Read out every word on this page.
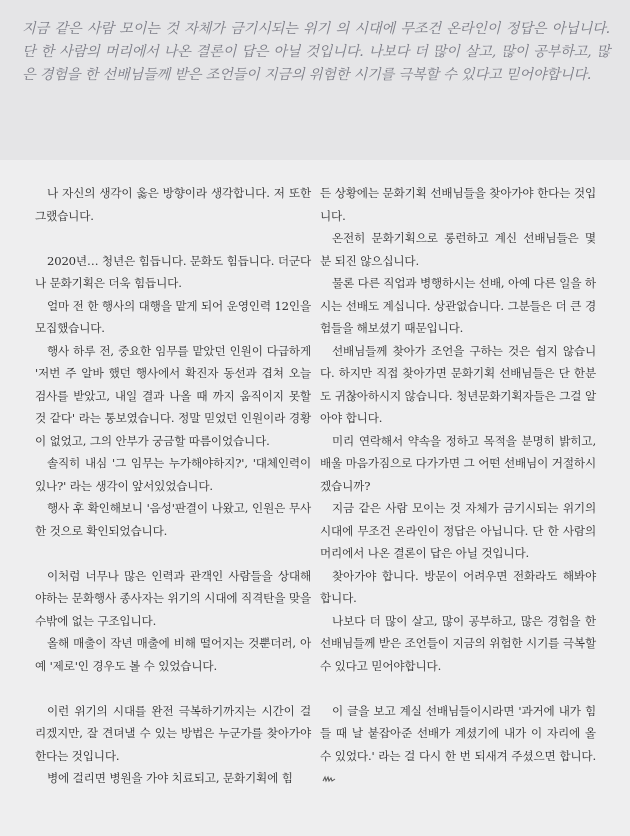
지금 같은 사람 모이는 것 자체가 금기시되는 위기 의 시대에 무조건 온라인이 정답은 아닙니다. 단 한 사람의 머리에서 나온 결론이 답은 아닐 것입니다. 나보다 더 많이 살고, 많이 공부하고, 많은 경험을 한 선배님들께 받은 조언들이 지금의 위험한 시기를 극복할 수 있다고 믿어야합니다.

나 자신의 생각이 옳은 방향이라 생각합니다. 저 또한 그랬습니다.

2020년… 청년은 힘듭니다. 문화도 힘듭니다. 더군다나 문화기획은 더욱 힘듭니다.

얼마 전 한 행사의 대행을 맡게 되어 운영인력 12인을 모집했습니다.

행사 하루 전, 중요한 임무를 맡았던 인원이 다급하게 '저번 주 알바 했던 행사에서 확진자 동선과 겹쳐 오늘 검사를 받았고, 내일 결과 나올 때 까지 움직이지 못할 것 같다' 라는 통보였습니다. 정말 믿었던 인원이라 경황이 없었고, 그의 안부가 궁금할 따름이었습니다.

솔직히 내심 '그 임무는 누가해야하지?', '대체인력이 있나?' 라는 생각이 앞서있었습니다.

행사 후 확인해보니 '음성'판결이 나왔고, 인원은 무사한 것으로 확인되었습니다.

이처럼 너무나 많은 인력과 관객인 사람들을 상대해야하는 문화행사 종사자는 위기의 시대에 직격탄을 맞을 수밖에 없는 구조입니다.

올해 매출이 작년 매출에 비해 떨어지는 것뿐더러, 아예 '제로'인 경우도 볼 수 있었습니다.

이런 위기의 시대를 완전 극복하기까지는 시간이 걸리겠지만, 잘 견뎌낼 수 있는 방법은 누군가를 찾아가야 한다는 것입니다.

병에 걸리면 병원을 가야 치료되고, 문화기획에 힘

든 상황에는 문화기획 선배님들을 찾아가야 한다는 것입니다.

온전히 문화기획으로 롱런하고 계신 선배님들은 몇 분 되진 않으십니다.

물론 다른 직업과 병행하시는 선배, 아예 다른 일을 하시는 선배도 계십니다. 상관없습니다. 그분들은 더 큰 경험들을 해보셨기 때문입니다.

선배님들께 찾아가 조언을 구하는 것은 쉽지 않습니다. 하지만 직접 찾아가면 문화기획 선배님들은 단 한분도 귀찮아하시지 않습니다. 청년문화기획자들은 그걸 알아야 합니다.

미리 연락해서 약속을 정하고 목적을 분명히 밝히고, 배울 마음가짐으로 다가가면 그 어떤 선배님이 거절하시겠습니까?

지금 같은 사람 모이는 것 자체가 금기시되는 위기의 시대에 무조건 온라인이 정답은 아닙니다. 단 한 사람의 머리에서 나온 결론이 답은 아닐 것입니다.

찾아가야 합니다. 방문이 어려우면 전화라도 해봐야합니다.

나보다 더 많이 살고, 많이 공부하고, 많은 경험을 한 선배님들께 받은 조언들이 지금의 위험한 시기를 극복할 수 있다고 믿어야합니다.

이 글을 보고 계실 선배님들이시라면 '과거에 내가 힘들 때 날 붙잡아준 선배가 계셨기에 내가 이 자리에 올 수 있었다.' 라는 걸 다시 한 번 되새겨 주셨으면 합니다.
